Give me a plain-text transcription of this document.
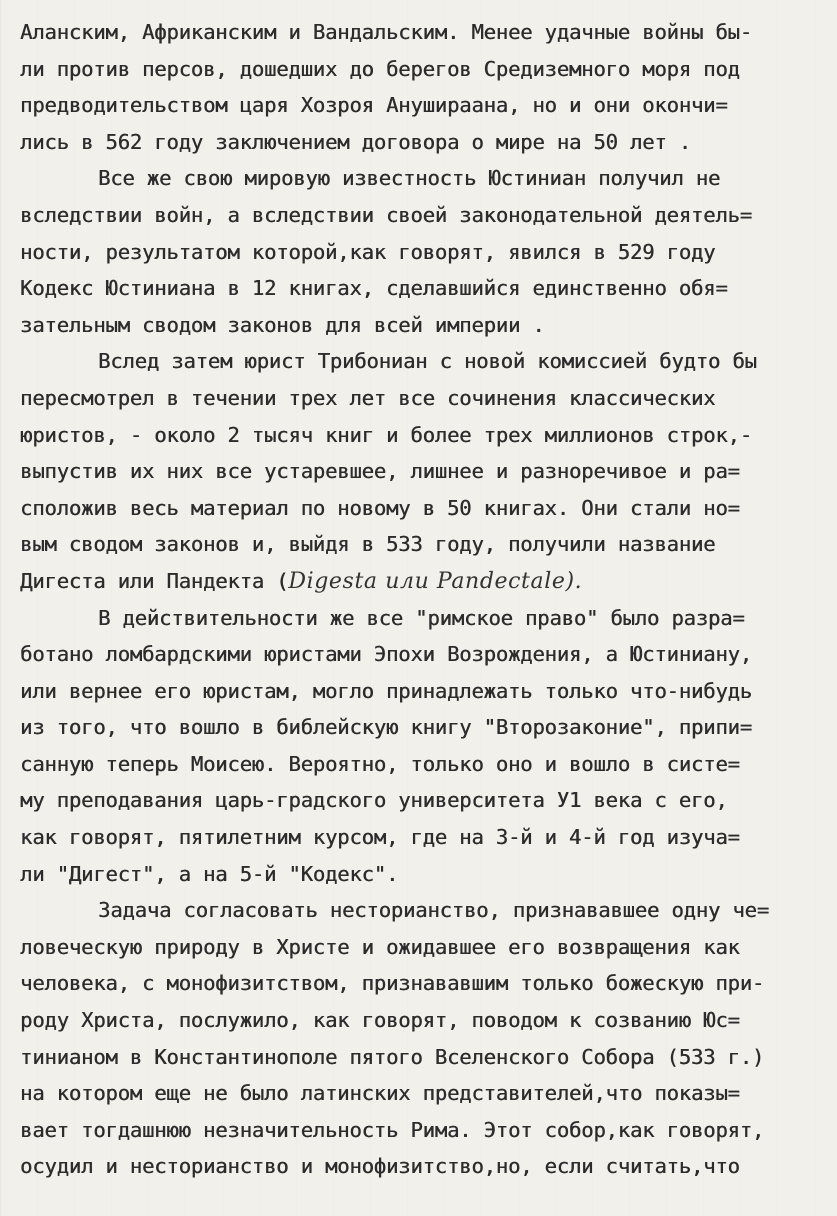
Аланским, Африканским и Вандальским. Менее удачные войны бы-
ли против персов, дошедших до берегов Средиземного моря под
предводительством царя Хозроя Анушираана, но и они окончи=
лись в 562 году заключением договора о мире на 50 лет .
Все же свою мировую известность Юстиниан получил не
вследствии войн, а вследствии своей законодательной деятель=
ности, результатом которой,как говорят, явился в 529 году
Кодекс Юстиниана в 12 книгах, сделавшийся единственно обя=
зательным сводом законов для всей империи .
Вслед затем юрист Трибониан с новой комиссией будто бы
пересмотрел в течении трех лет все сочинения классических
юристов, - около 2 тысяч книг и более трех миллионов строк,-
выпустив их них все устаревшее, лишнее и разноречивое и ра=
сположив весь материал по новому в 50 книгах. Они стали но=
вым сводом законов и, выйдя в 533 году, получили название
Дигеста или Пандекта (Digesta или Pandectale).
В действительности же все "римское право" было разра=
ботано ломбардскими юристами Эпохи Возрождения, а Юстиниану,
или вернее его юристам, могло принадлежать только что-нибудь
из того, что вошло в библейскую книгу "Второзаконие", припи=
санную теперь Моисею. Вероятно, только оно и вошло в систе=
му преподавания царь-градского университета У1 века с его,
как говорят, пятилетним курсом, где на 3-й и 4-й год изуча=
ли "Дигест", а на 5-й "Кодекс".
Задача согласовать несторианство, признававшее одну че=
ловеческую природу в Христе и ожидавшее его возвращения как
человека, с монофизитством, признававшим только божескую при-
роду Христа, послужило, как говорят, поводом к созванию Юс=
тинианом в Константинополе пятого Вселенского Собора (533 г.)
на котором еще не было латинских представителей,что показы=
вает тогдашнюю незначительность Рима. Этот собор,как говорят,
осудил и несторианство и монофизитство,но, если считать,что
